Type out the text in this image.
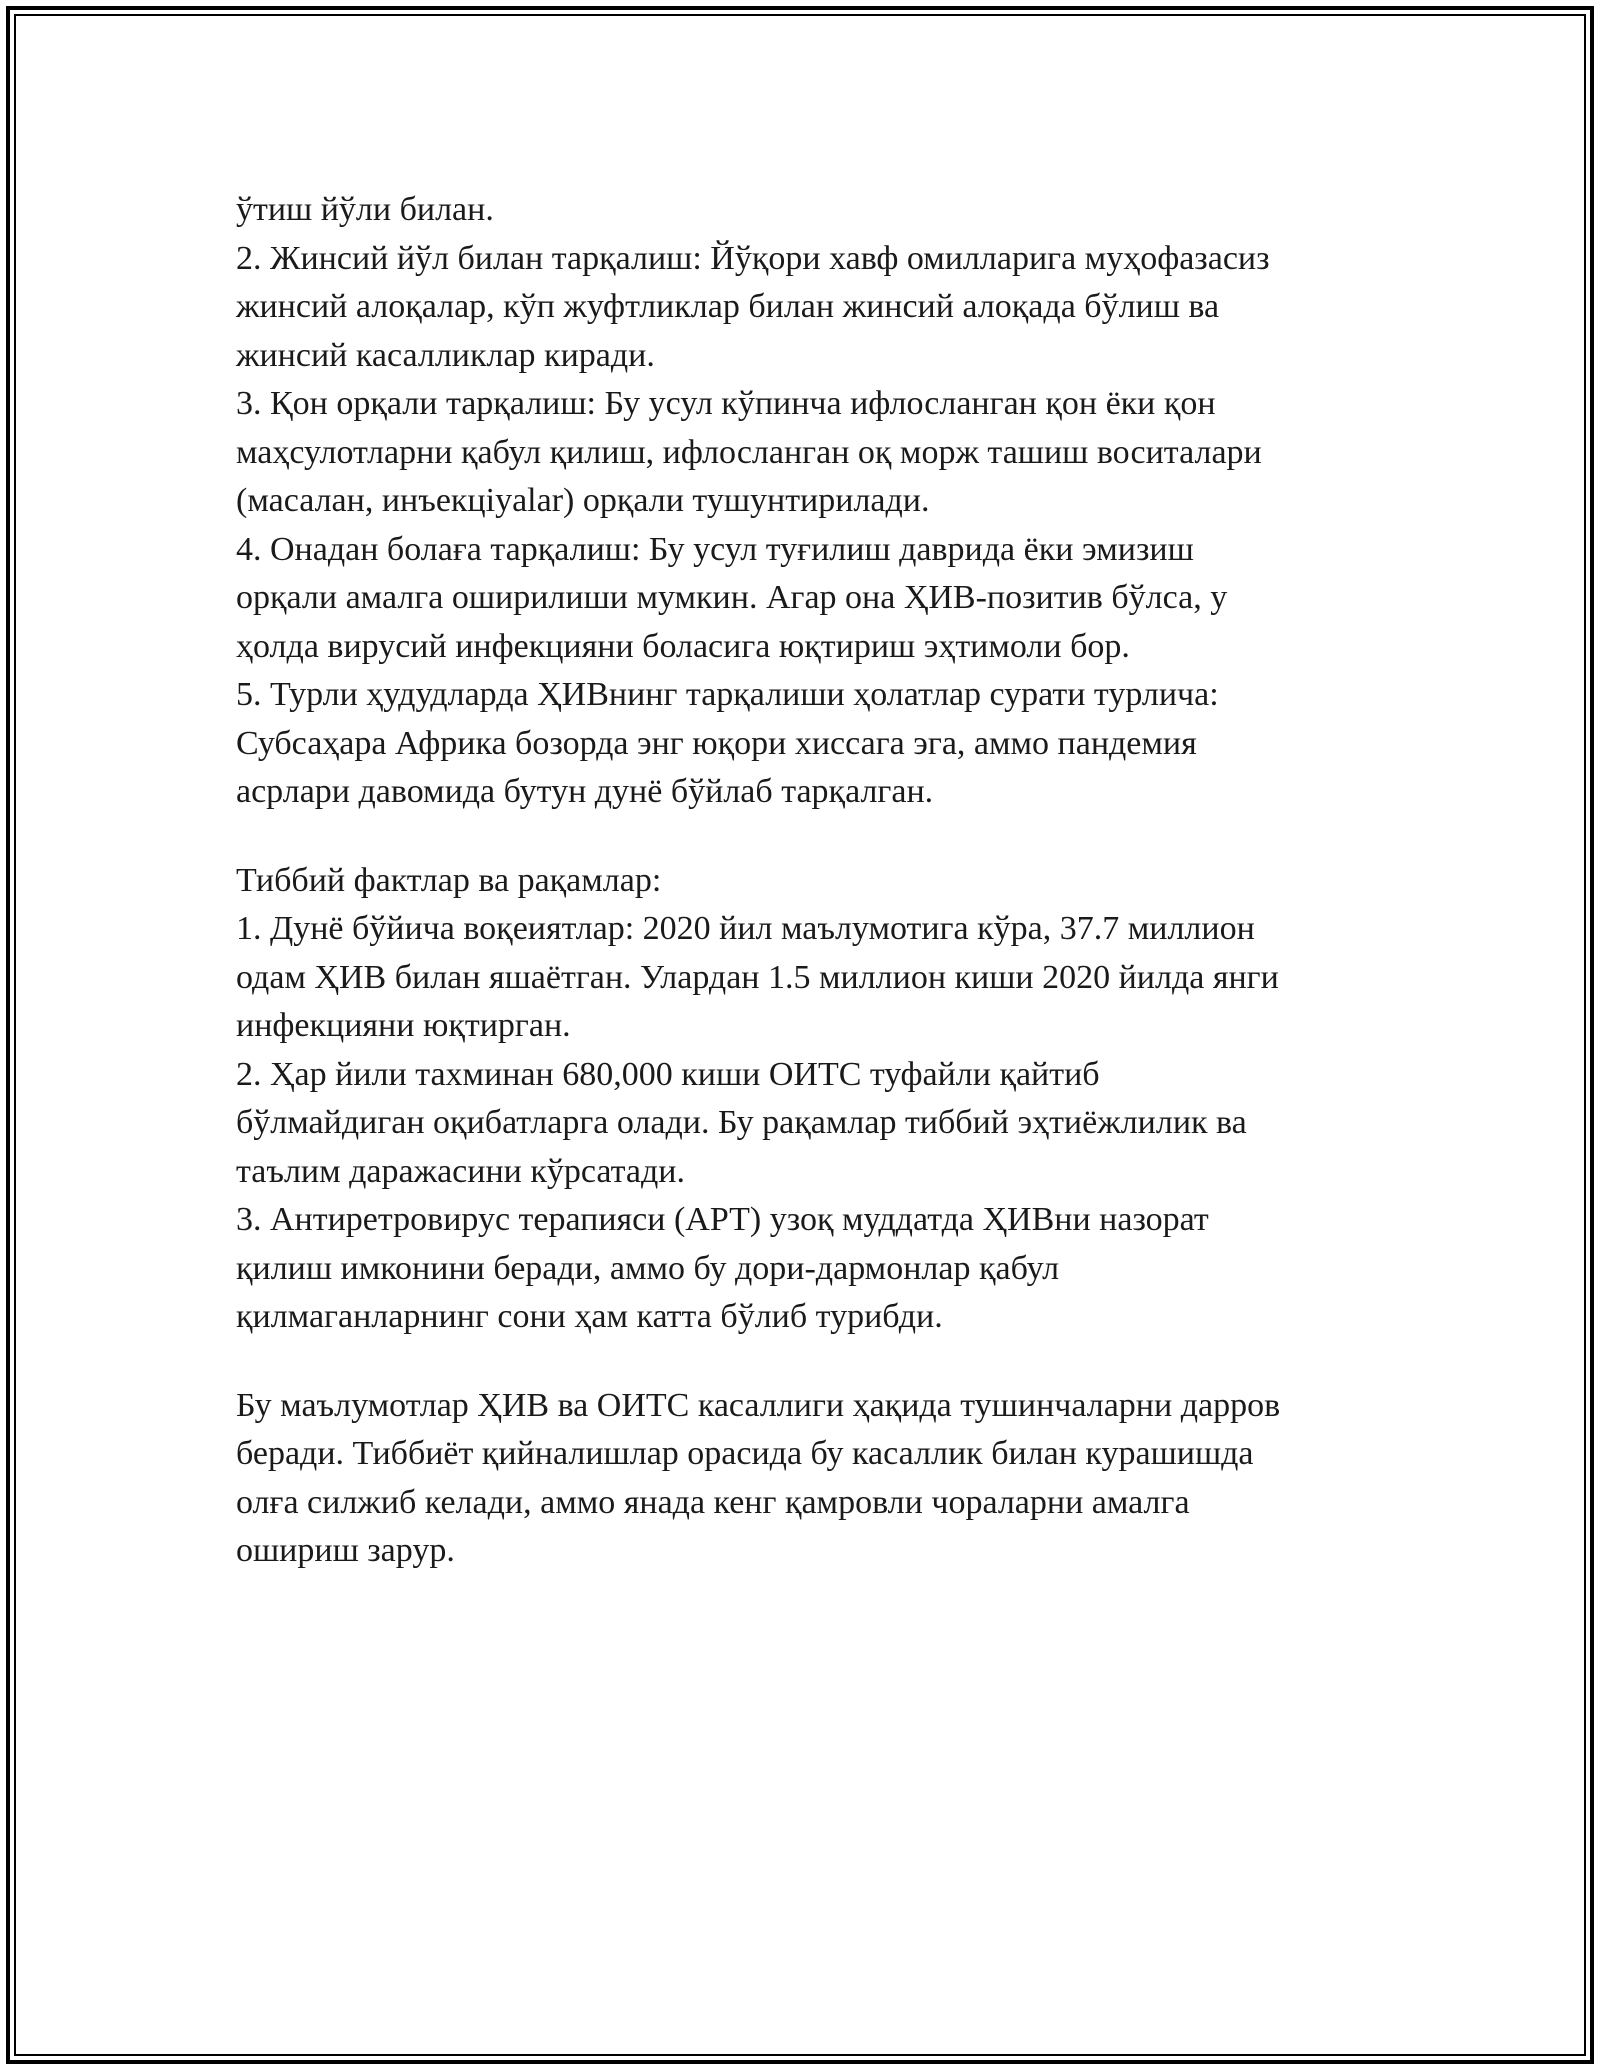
ўтиш йўли билан.
2. Жинсий йўл билан тарқалиш: Йўқори хавф омилларига муҳофазасиз
жинсий алоқалар, кўп жуфтликлар билан жинсий алоқада бўлиш ва
жинсий касалликлар киради.
3. Қон орқали тарқалиш: Бу усул кўпинча ифлосланган қон ёки қон
маҳсулотларни қабул қилиш, ифлосланган оқ морж ташиш воситалари
(масалан, инъекціyalar) орқали тушунтирилади.
4. Онадан болаға тарқалиш: Бу усул туғилиш даврида ёки эмизиш
орқали амалга оширилиши мумкин. Агар она ҲИВ-позитив бўлса, у
ҳолда вирусий инфекцияни боласига юқтириш эҳтимоли бор.
5. Турли ҳудудларда ҲИВнинг тарқалиши ҳолатлар сурати турлича:
Субсаҳара Африка бозорда энг юқори хиссага эга, аммо пандемия
асрлари давомида бутун дунё бўйлаб тарқалган.
Тиббий фактлар ва рақамлар:
1. Дунё бўйича воқеиятлар: 2020 йил маълумотига кўра, 37.7 миллион
одам ҲИВ билан яшаётган. Улардан 1.5 миллион киши 2020 йилда янги
инфекцияни юқтирган.
2. Ҳар йили тахминан 680,000 киши ОИТС туфайли қайтиб
бўлмайдиган оқибатларга олади. Бу рақамлар тиббий эҳтиёжлилик ва
таълим даражасини кўрсатади.
3. Антиретровирус терапияси (АРТ) узоқ муддатда ҲИВни назорат
қилиш имконини беради, аммо бу дори-дармонлар қабул
қилмаганларнинг сони ҳам катта бўлиб турибди.
Бу маълумотлар ҲИВ ва ОИТС касаллиги ҳақида тушинчаларни дарров
беради. Тиббиёт қийналишлар орасида бу касаллик билан курашишда
олға силжиб келади, аммо янада кенг қамровли чораларни амалга
ошириш зарур.
